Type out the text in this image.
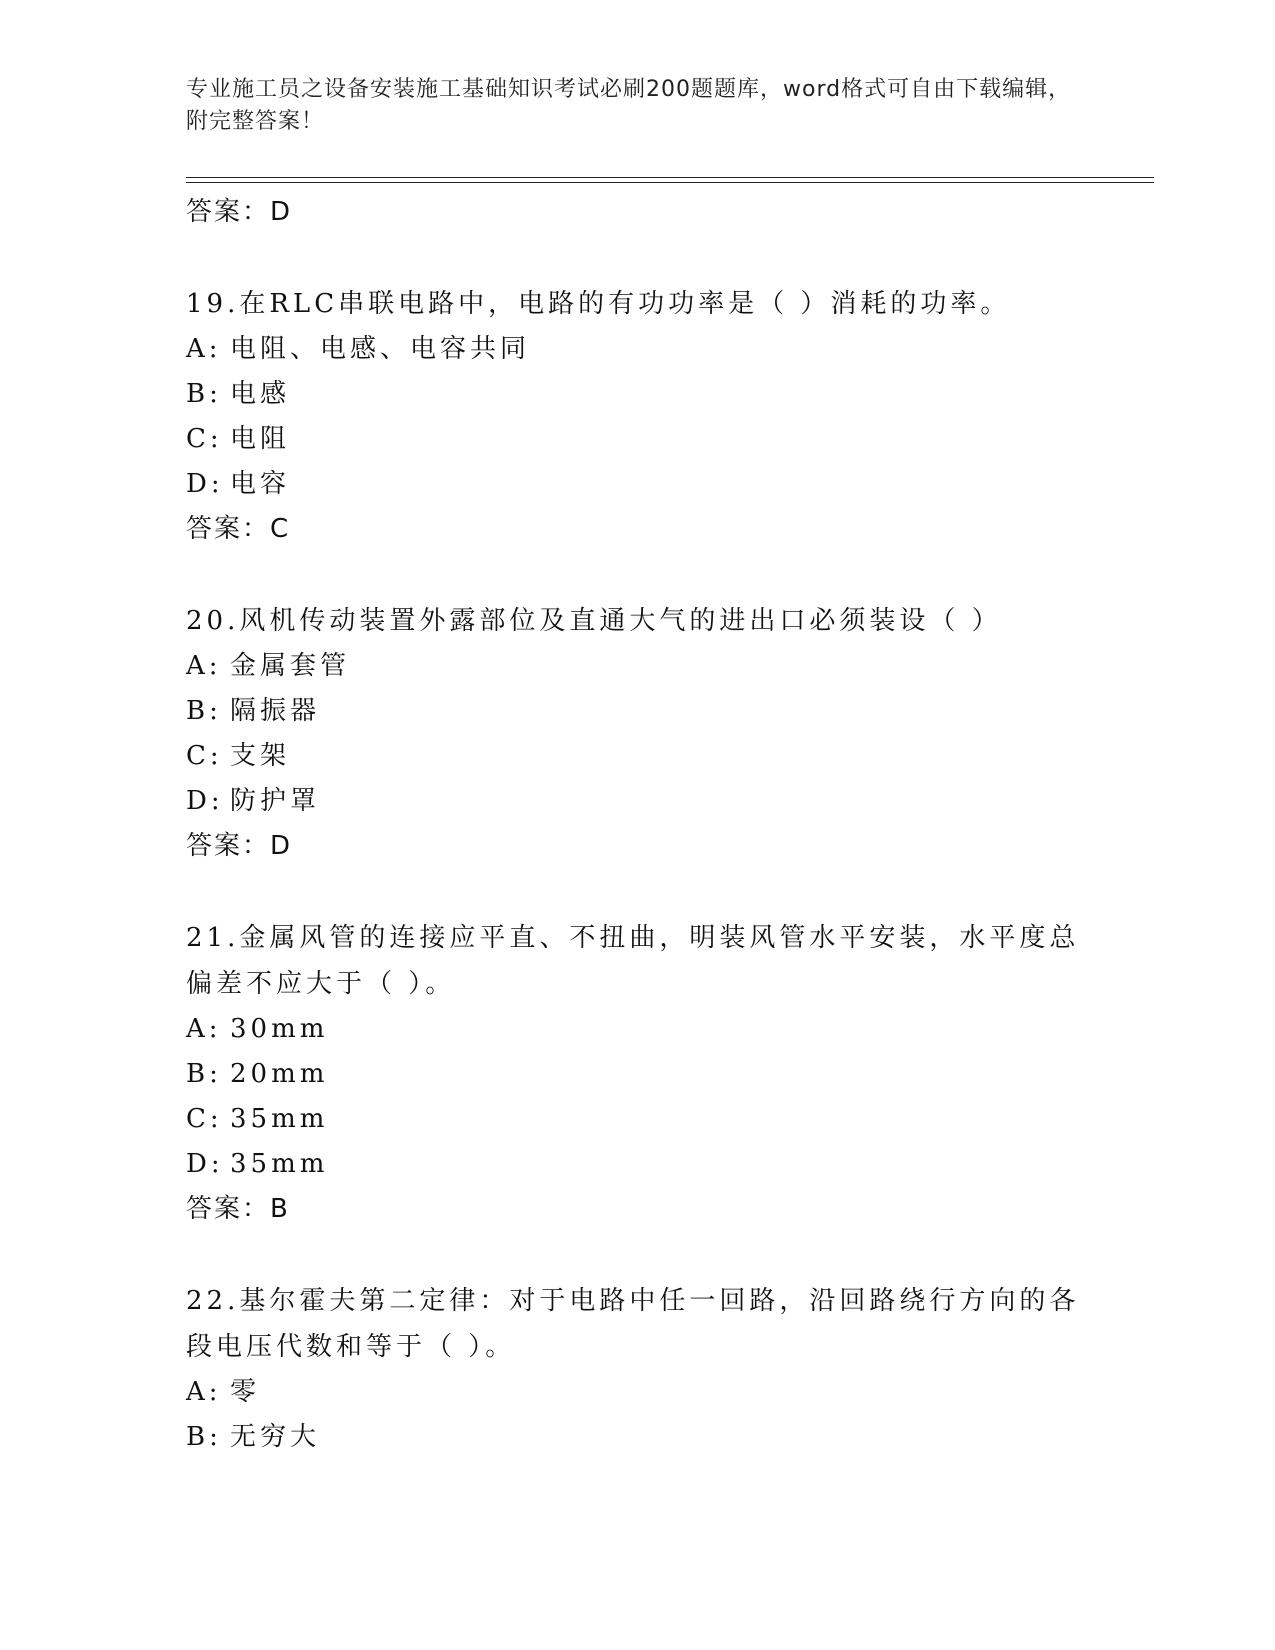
专业施工员之设备安装施工基础知识考试必刷200题题库，word格式可自由下载编辑，附完整答案！
答案：D
19.在RLC串联电路中，电路的有功功率是（ ）消耗的功率。
A: 电阻、电感、电容共同
B: 电感
C: 电阻
D: 电容
答案：C
20.风机传动装置外露部位及直通大气的进出口必须装设（ ）
A: 金属套管
B: 隔振器
C: 支架
D: 防护罩
答案：D
21.金属风管的连接应平直、不扭曲，明装风管水平安装，水平度总偏差不应大于（ ）。
A: 30mm
B: 20mm
C: 35mm
D: 35mm
答案：B
22.基尔霍夫第二定律：对于电路中任一回路，沿回路绕行方向的各段电压代数和等于（ ）。
A: 零
B: 无穷大
